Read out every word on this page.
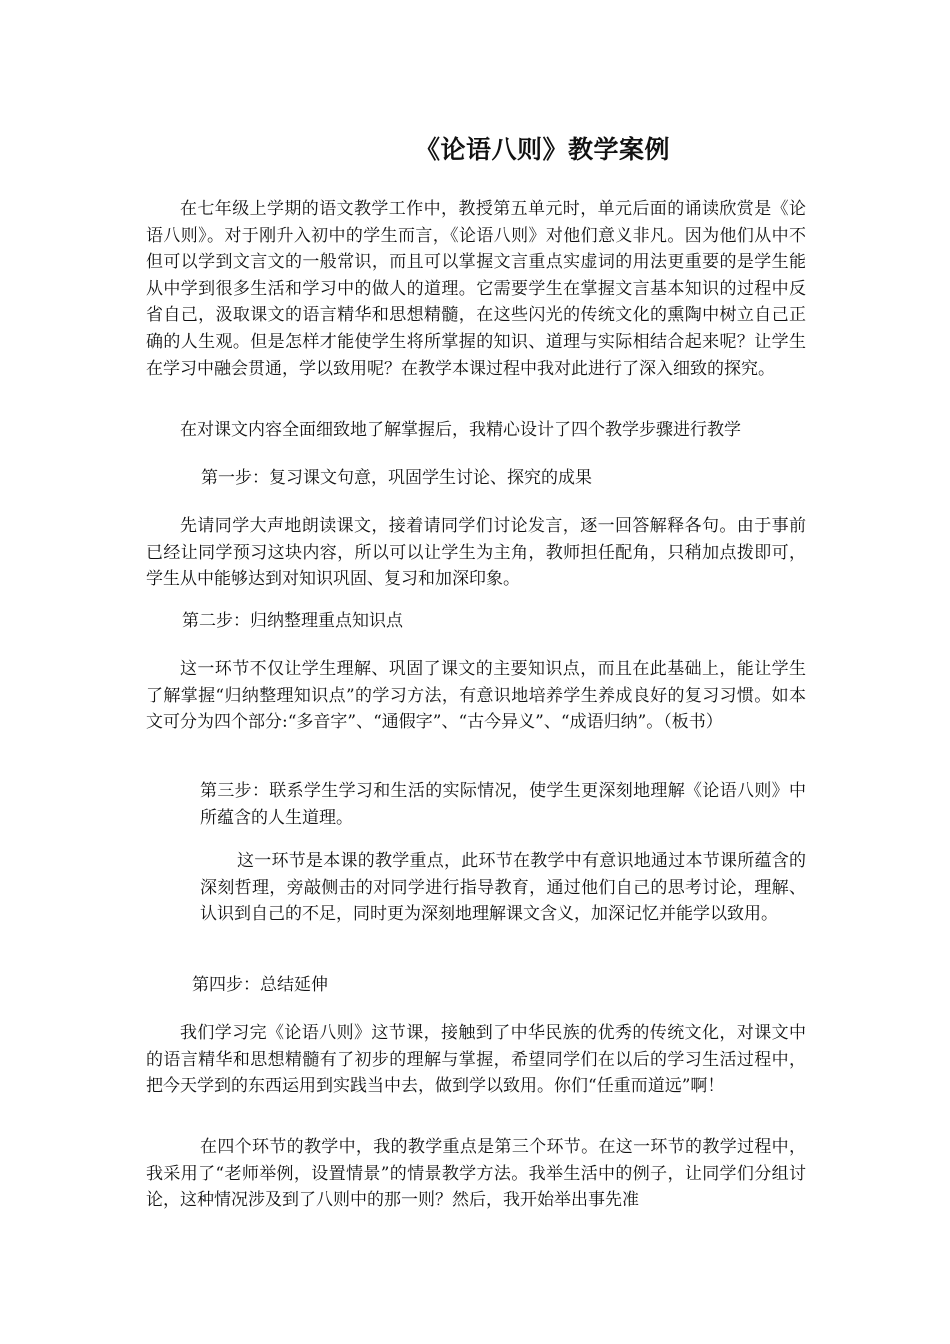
《论语八则》教学案例

在七年级上学期的语文教学工作中，教授第五单元时，单元后面的诵读欣赏是《论语八则》。对于刚升入初中的学生而言，《论语八则》对他们意义非凡。因为他们从中不但可以学到文言文的一般常识，而且可以掌握文言重点实虚词的用法更重要的是学生能从中学到很多生活和学习中的做人的道理。它需要学生在掌握文言基本知识的过程中反省自己，汲取课文的语言精华和思想精髓，在这些闪光的传统文化的熏陶中树立自己正确的人生观。但是怎样才能使学生将所掌握的知识、道理与实际相结合起来呢？让学生在学习中融会贯通，学以致用呢？在教学本课过程中我对此进行了深入细致的探究。

在对课文内容全面细致地了解掌握后，我精心设计了四个教学步骤进行教学

第一步：复习课文句意，巩固学生讨论、探究的成果

先请同学大声地朗读课文，接着请同学们讨论发言，逐一回答解释各句。由于事前已经让同学预习这块内容，所以可以让学生为主角，教师担任配角，只稍加点拨即可，学生从中能够达到对知识巩固、复习和加深印象。

第二步：归纳整理重点知识点

这一环节不仅让学生理解、巩固了课文的主要知识点，而且在此基础上，能让学生了解掌握“归纳整理知识点”的学习方法，有意识地培养学生养成良好的复习习惯。如本文可分为四个部分:“多音字”、“通假字”、“古今异义”、“成语归纳”。（板书）

第三步：联系学生学习和生活的实际情况，使学生更深刻地理解《论语八则》中所蕴含的人生道理。

这一环节是本课的教学重点，此环节在教学中有意识地通过本节课所蕴含的深刻哲理，旁敲侧击的对同学进行指导教育，通过他们自己的思考讨论，理解、认识到自己的不足，同时更为深刻地理解课文含义，加深记忆并能学以致用。

第四步：总结延伸

我们学习完《论语八则》这节课，接触到了中华民族的优秀的传统文化，对课文中的语言精华和思想精髓有了初步的理解与掌握，希望同学们在以后的学习生活过程中，把今天学到的东西运用到实践当中去，做到学以致用。你们“任重而道远”啊！

在四个环节的教学中，我的教学重点是第三个环节。在这一环节的教学过程中，我采用了“老师举例，设置情景”的情景教学方法。我举生活中的例子，让同学们分组讨论，这种情况涉及到了八则中的那一则？然后，我开始举出事先准
